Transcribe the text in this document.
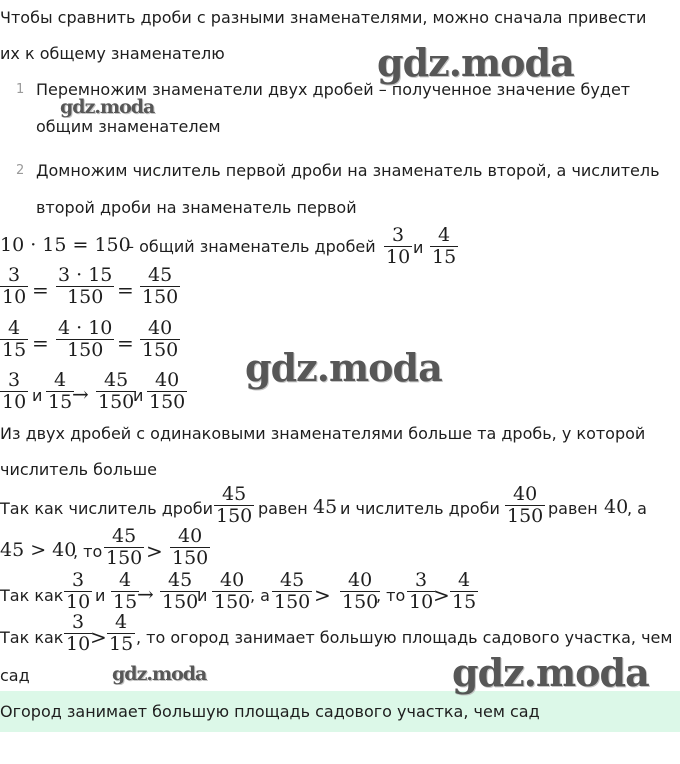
Чтобы сравнить дроби с разными знаменателями, можно сначала привести
их к общему знаменателю
1 Перемножим знаменатели двух дробей – полученное значение будет
общим знаменателем
2 Домножим числитель первой дроби на знаменатель второй, а числитель
второй дроби на знаменатель первой
10 · 15 = 150
– общий знаменатель дробей
3
10 и
4
15
3
10 =
3 · 15
150 =
45
150
4
15 =
4 · 10
150 =
40
150
3
10 и
4
15 →
45
150
и
40
150
Из двух дробей с одинаковыми знаменателями больше та дробь, у которой
числитель больше
Так как числитель дроби
45
150 равен 45 и числитель дроби
40
150 равен 40
, а
45 > 40
, то
45
150 >
40
150
Так как
3
10 и
4
15 →
45
150
и
40
150 , а
45
150 >
40
150
, то
3
10 >
4
15
Так как
3
10 >
4
15 , то огород занимает большую площадь садового участка, чем
сад
Огород занимает большую площадь садового участка, чем сад
gdz.moda
gdz.moda
gdz.moda
gdz.moda	gdz.moda
